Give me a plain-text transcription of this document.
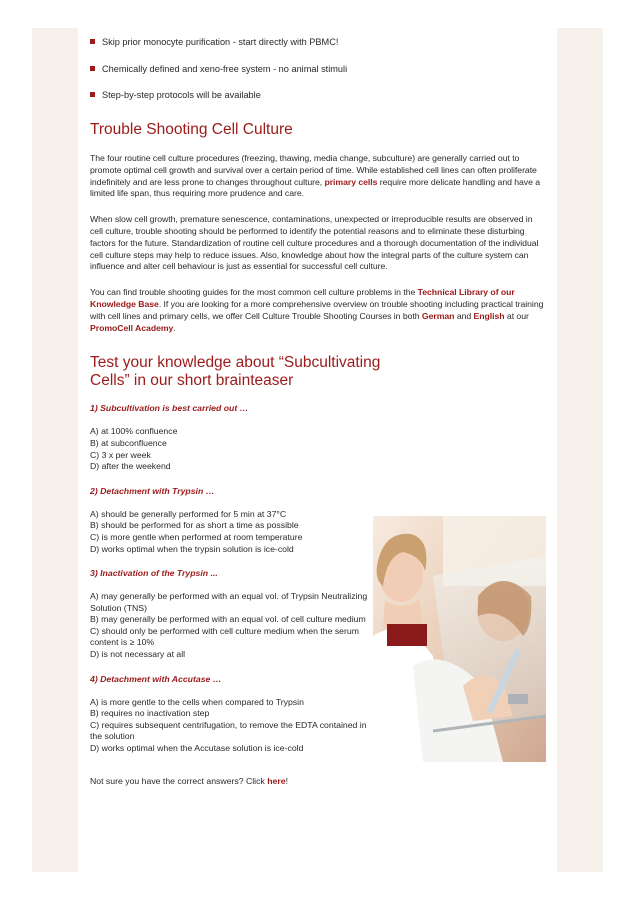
Skip prior monocyte purification - start directly with PBMC!
Chemically defined and xeno-free system - no animal stimuli
Step-by-step protocols will be available
Trouble Shooting Cell Culture

The four routine cell culture procedures (freezing, thawing, media change, subculture) are generally carried out to promote optimal cell growth and survival over a certain period of time. While established cell lines can often proliferate indefinitely and are less prone to changes throughout culture, primary cells require more delicate handling and have a limited life span, thus requiring more prudence and care.

When slow cell growth, premature senescence, contaminations, unexpected or irreproducible results are observed in cell culture, trouble shooting should be performed to identify the potential reasons and to eliminate these disturbing factors for the future. Standardization of routine cell culture procedures and a thorough documentation of the individual cell culture steps may help to reduce issues. Also, knowledge about how the integral parts of the culture system can influence and alter cell behaviour is just as essential for successful cell culture.

You can find trouble shooting guides for the most common cell culture problems in the Technical Library of our Knowledge Base. If you are looking for a more comprehensive overview on trouble shooting including practical training with cell lines and primary cells, we offer Cell Culture Trouble Shooting Courses in both German and English at our PromoCell Academy.

Test your knowledge about “Subcultivating Cells” in our short brainteaser
1) Subcultivation is best carried out …
A) at 100% confluence
B) at subconfluence
C) 3 x per week
D) after the weekend
2) Detachment with Trypsin …
A) should be generally performed for 5 min at 37°C
B) should be performed for as short a time as possible
C) is more gentle when performed at room temperature
D) works optimal when the trypsin solution is ice-cold
3) Inactivation of the Trypsin ...
A) may generally be performed with an equal vol. of Trypsin Neutralizing Solution (TNS)
B) may generally be performed with an equal vol. of cell culture medium
C) should only be performed with cell culture medium when the serum content is ≥ 10%
D) is not necessary at all
4) Detachment with Accutase …
A) is more gentle to the cells when compared to Trypsin
B) requires no inactivation step
C) requires subsequent centrifugation, to remove the EDTA contained in the solution
D) works optimal when the Accutase solution is ice-cold
Not sure you have the correct answers? Click here!
